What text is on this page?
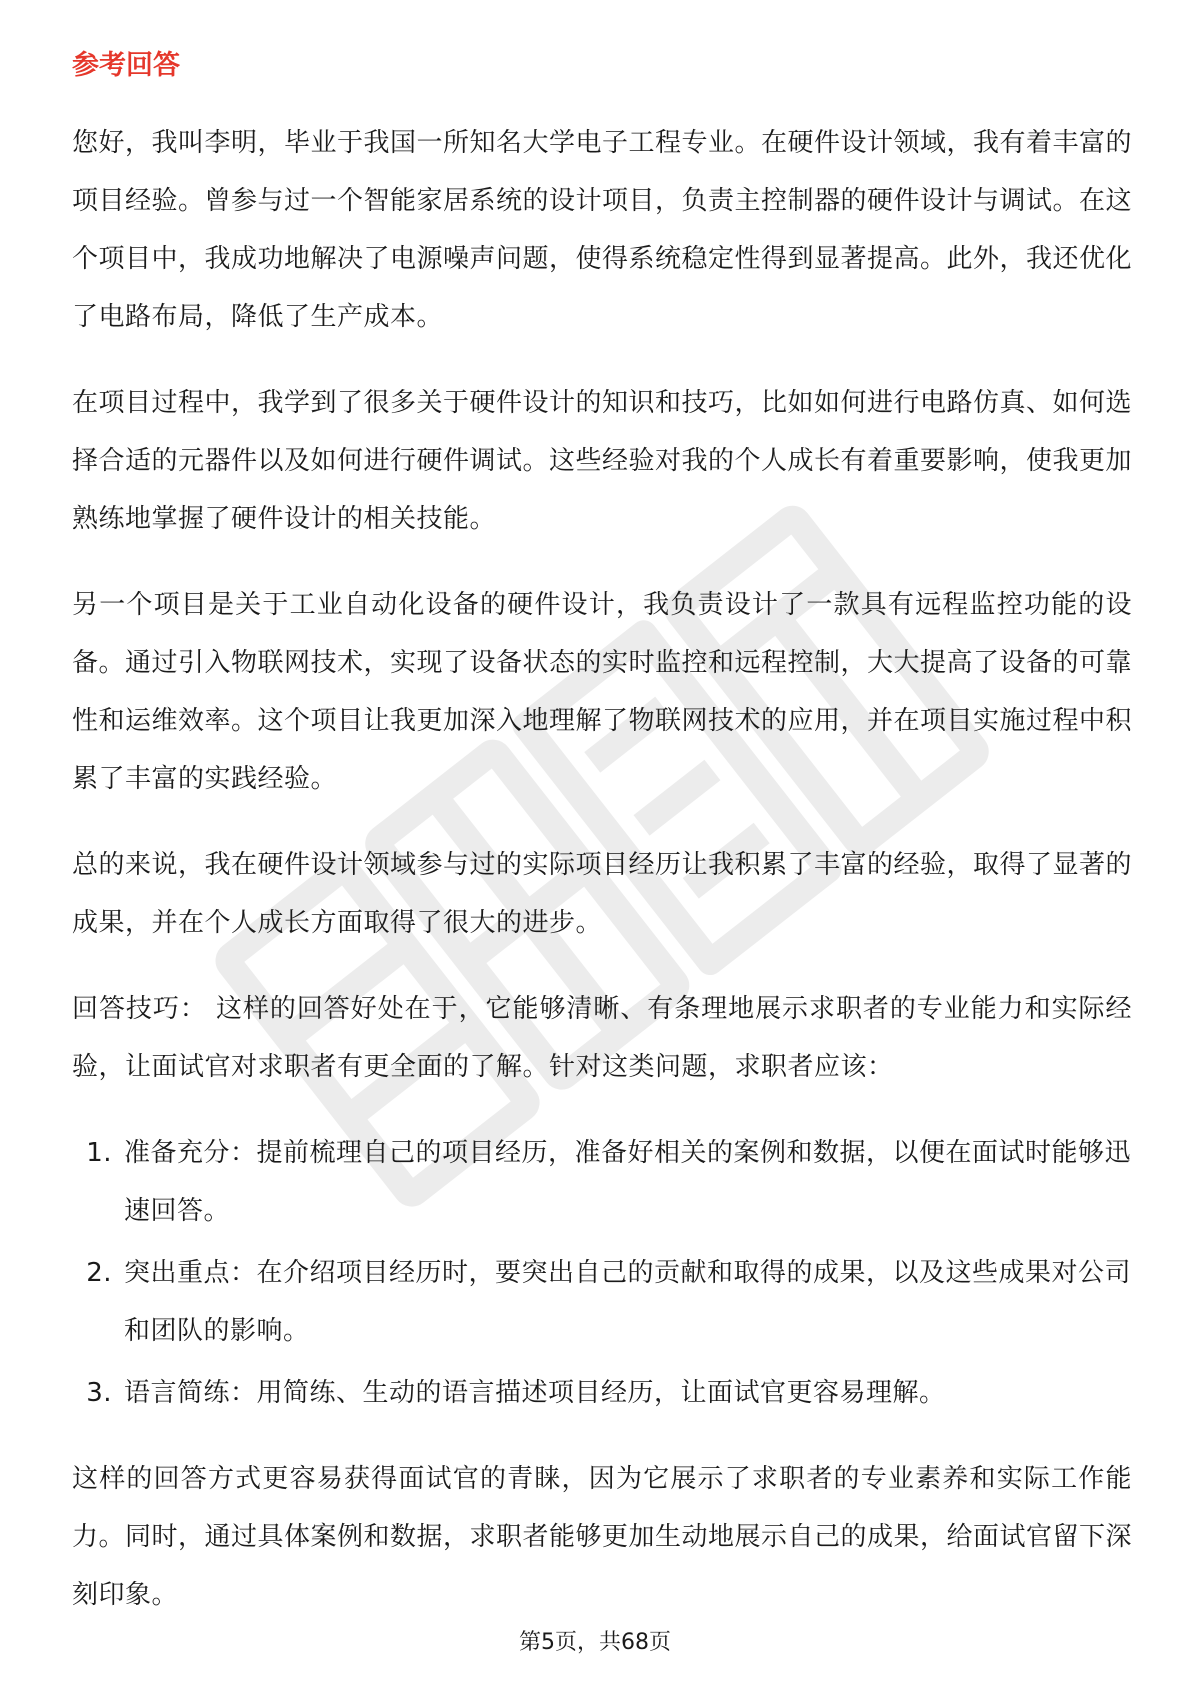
参考回答

您好，我叫李明，毕业于我国一所知名大学电子工程专业。在硬件设计领域，我有着丰富的项目经验。曾参与过一个智能家居系统的设计项目，负责主控制器的硬件设计与调试。在这个项目中，我成功地解决了电源噪声问题，使得系统稳定性得到显著提高。此外，我还优化了电路布局，降低了生产成本。

在项目过程中，我学到了很多关于硬件设计的知识和技巧，比如如何进行电路仿真、如何选择合适的元器件以及如何进行硬件调试。这些经验对我的个人成长有着重要影响，使我更加熟练地掌握了硬件设计的相关技能。

另一个项目是关于工业自动化设备的硬件设计，我负责设计了一款具有远程监控功能的设备。通过引入物联网技术，实现了设备状态的实时监控和远程控制，大大提高了设备的可靠性和运维效率。这个项目让我更加深入地理解了物联网技术的应用，并在项目实施过程中积累了丰富的实践经验。

总的来说，我在硬件设计领域参与过的实际项目经历让我积累了丰富的经验，取得了显著的成果，并在个人成长方面取得了很大的进步。

回答技巧： 这样的回答好处在于，它能够清晰、有条理地展示求职者的专业能力和实际经验，让面试官对求职者有更全面的了解。针对这类问题，求职者应该：

1. 准备充分：提前梳理自己的项目经历，准备好相关的案例和数据，以便在面试时能够迅速回答。
2. 突出重点：在介绍项目经历时，要突出自己的贡献和取得的成果，以及这些成果对公司和团队的影响。
3. 语言简练：用简练、生动的语言描述项目经历，让面试官更容易理解。

这样的回答方式更容易获得面试官的青睐，因为它展示了求职者的专业素养和实际工作能力。同时，通过具体案例和数据，求职者能够更加生动地展示自己的成果，给面试官留下深刻印象。

第5页，共68页
